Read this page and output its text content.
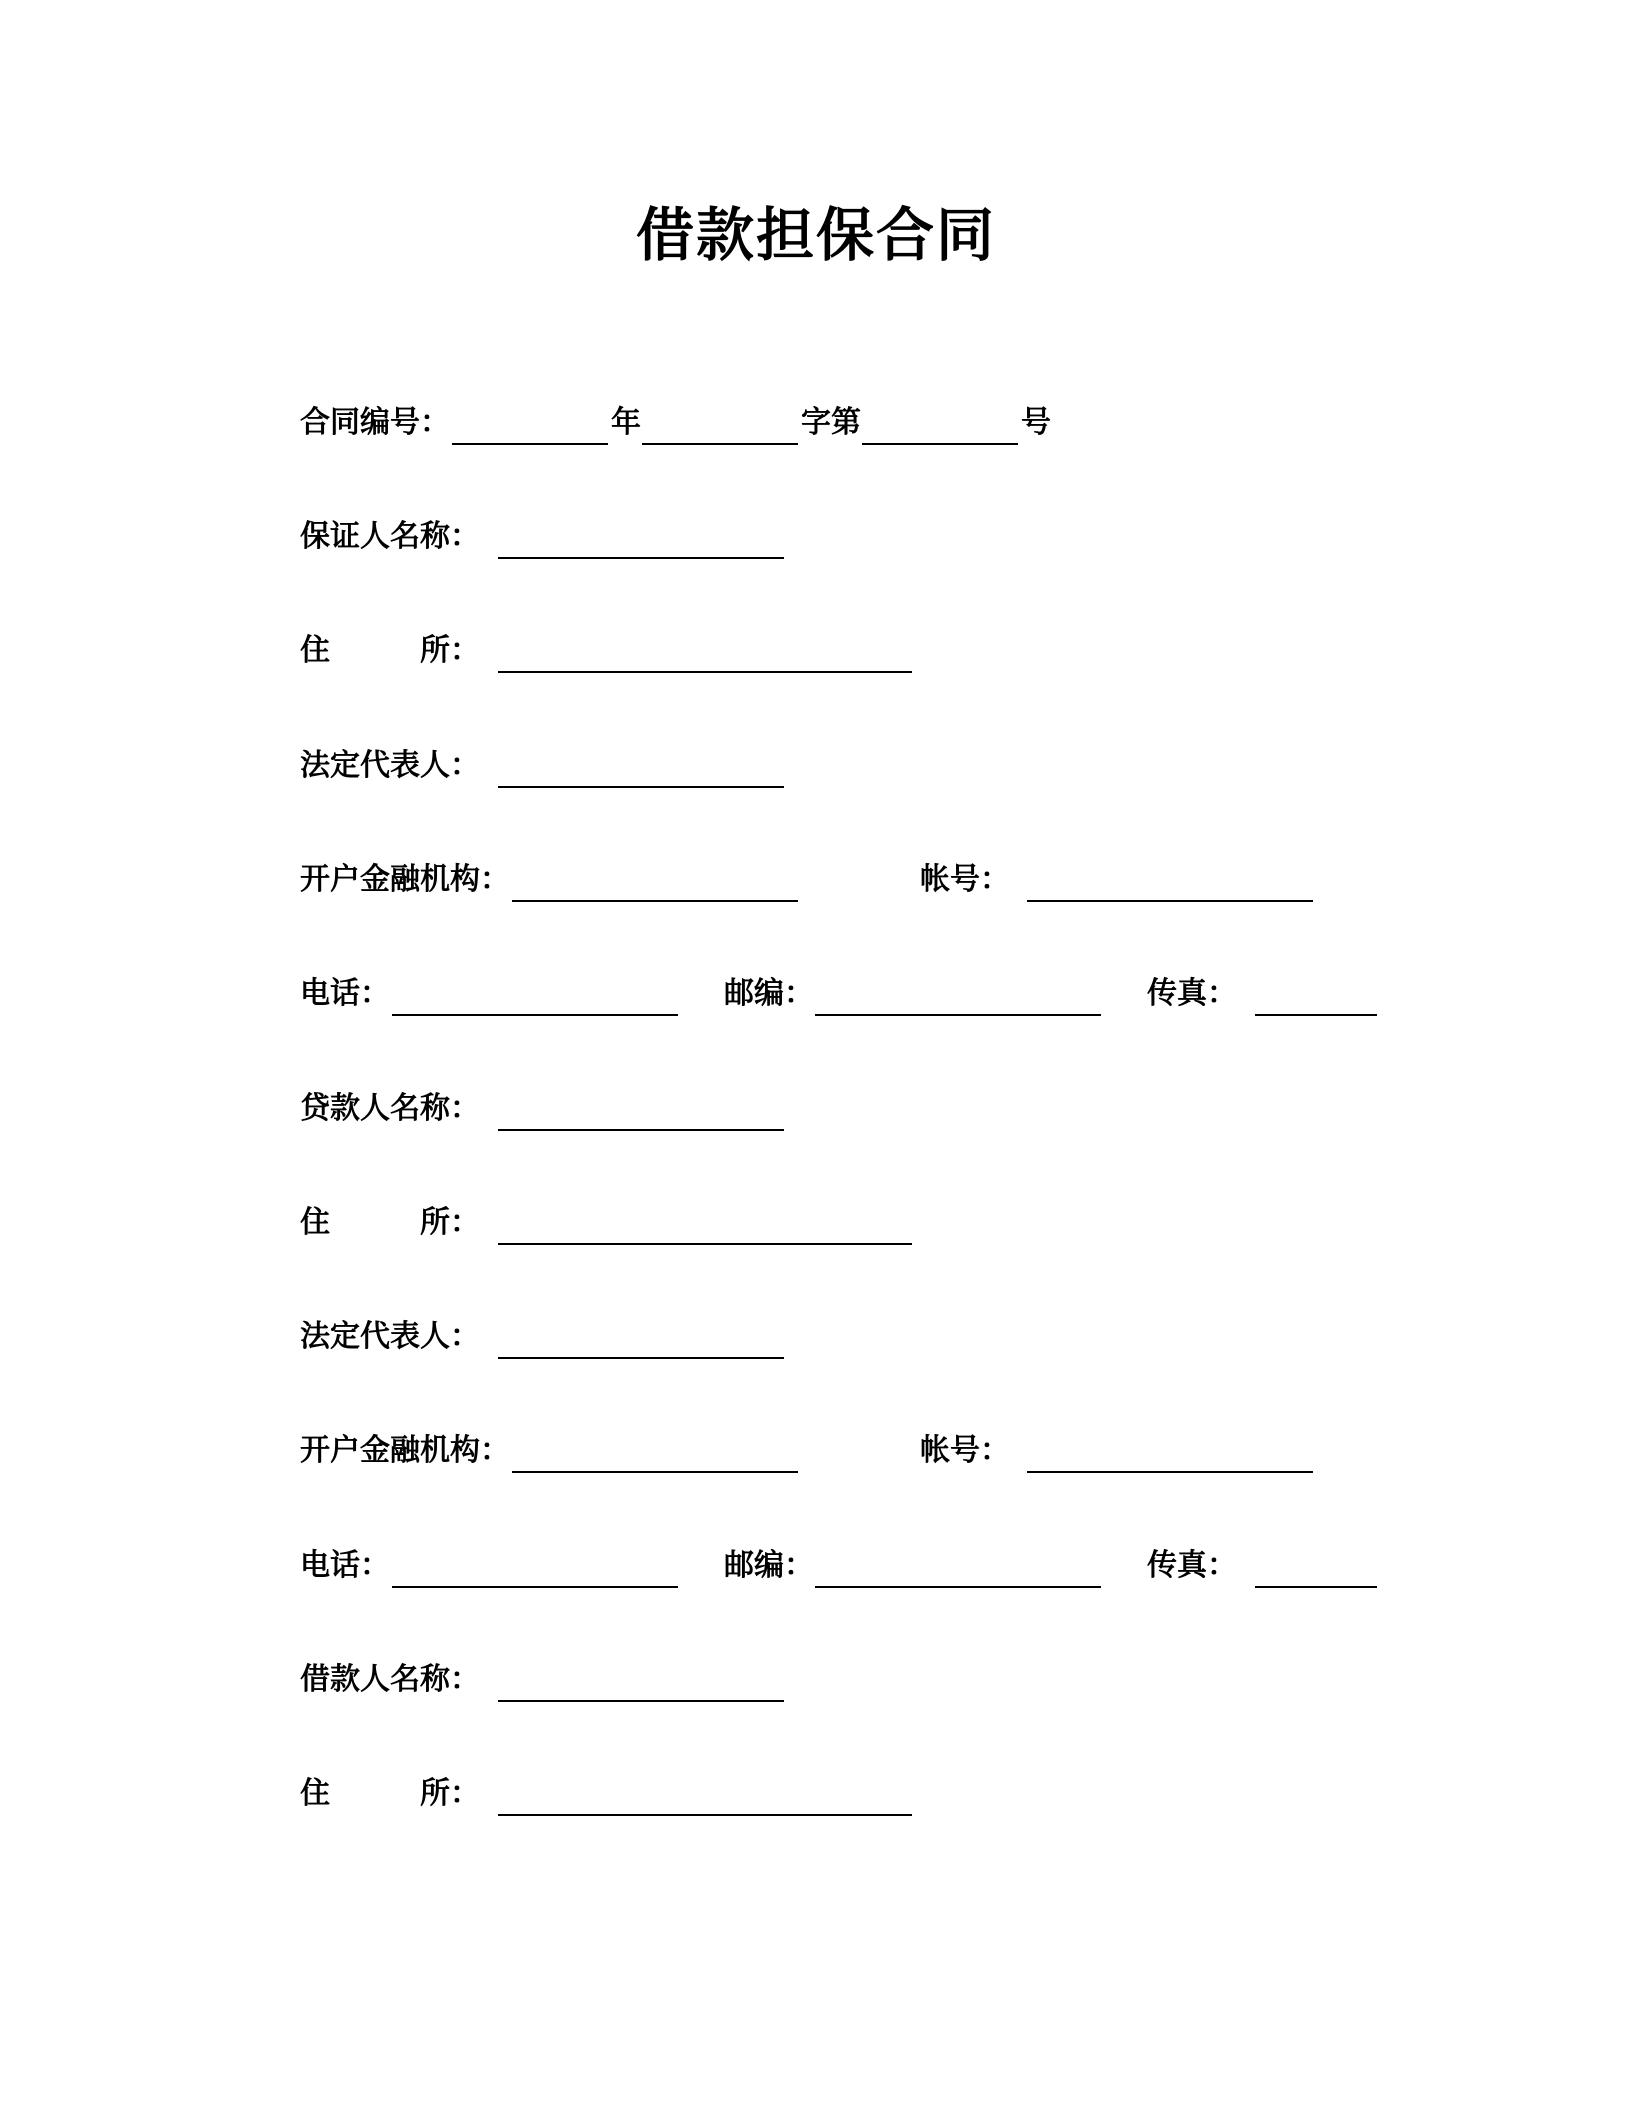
借款担保合同
合同编号：	年	字第	号
保证人名称：
住	所：
法定代表人：
开户金融机构：	帐号：
电话：	邮编：	传真：
贷款人名称：
住	所：
法定代表人：
开户金融机构：	帐号：
电话：	邮编：	传真：
借款人名称：
住	所：
